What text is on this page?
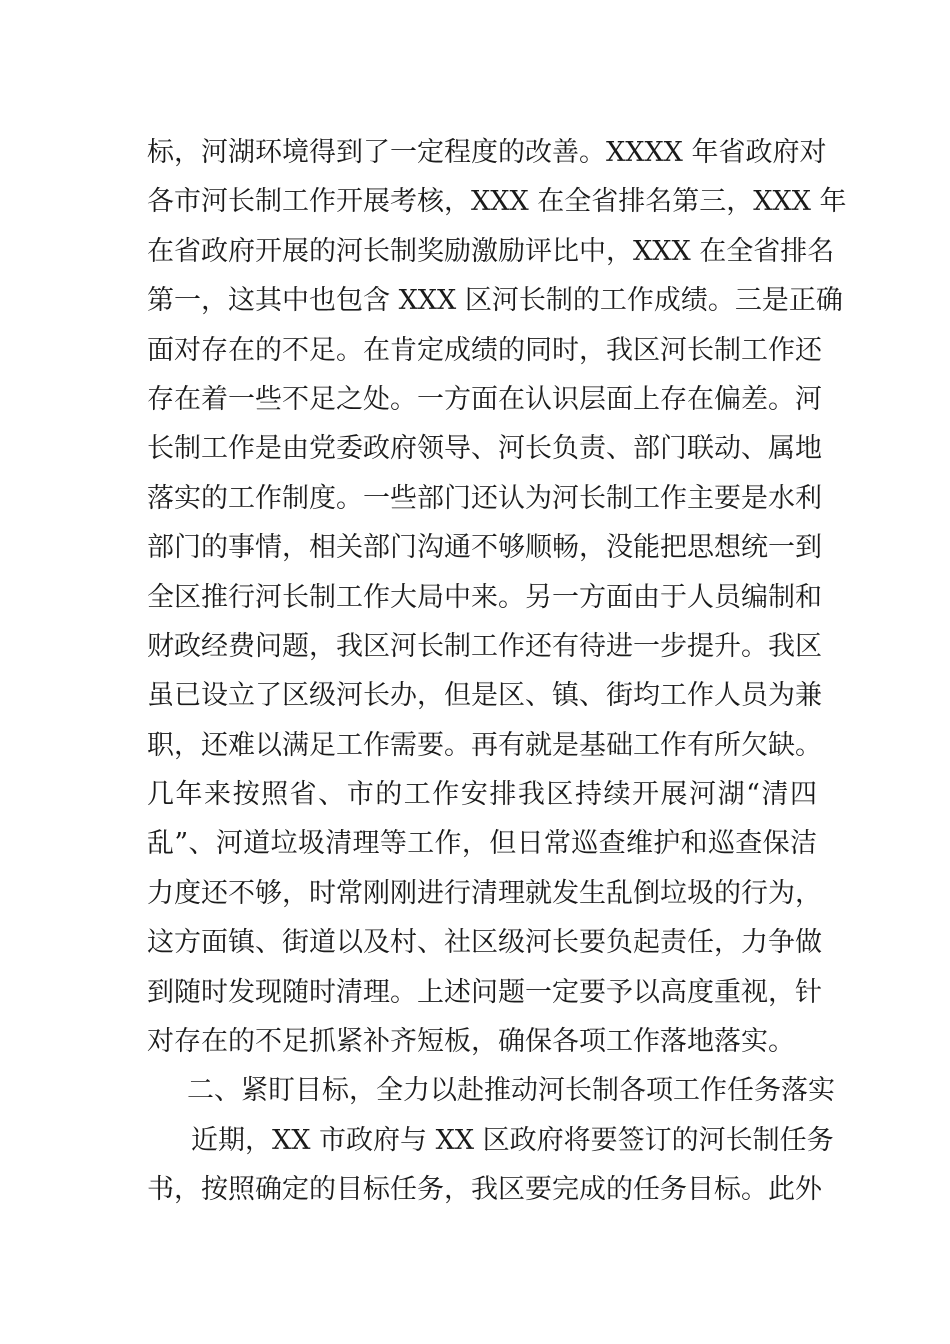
标，河湖环境得到了一定程度的改善。XXXX 年省政府对
各市河长制工作开展考核，XXX 在全省排名第三，XXX 年
在省政府开展的河长制奖励激励评比中，XXX 在全省排名
第一，这其中也包含 XXX 区河长制的工作成绩。三是正确
面对存在的不足。在肯定成绩的同时，我区河长制工作还
存在着一些不足之处。一方面在认识层面上存在偏差。河
长制工作是由党委政府领导、河长负责、部门联动、属地
落实的工作制度。一些部门还认为河长制工作主要是水利
部门的事情，相关部门沟通不够顺畅，没能把思想统一到
全区推行河长制工作大局中来。另一方面由于人员编制和
财政经费问题，我区河长制工作还有待进一步提升。我区
虽已设立了区级河长办，但是区、镇、街均工作人员为兼
职，还难以满足工作需要。再有就是基础工作有所欠缺。
几年来按照省、市的工作安排我区持续开展河湖“清四
乱”、河道垃圾清理等工作，但日常巡查维护和巡查保洁
力度还不够，时常刚刚进行清理就发生乱倒垃圾的行为，
这方面镇、街道以及村、社区级河长要负起责任，力争做
到随时发现随时清理。上述问题一定要予以高度重视，针
对存在的不足抓紧补齐短板，确保各项工作落地落实。
二、紧盯目标，全力以赴推动河长制各项工作任务落实
近期，XX 市政府与 XX 区政府将要签订的河长制任务
书，按照确定的目标任务，我区要完成的任务目标。此外
